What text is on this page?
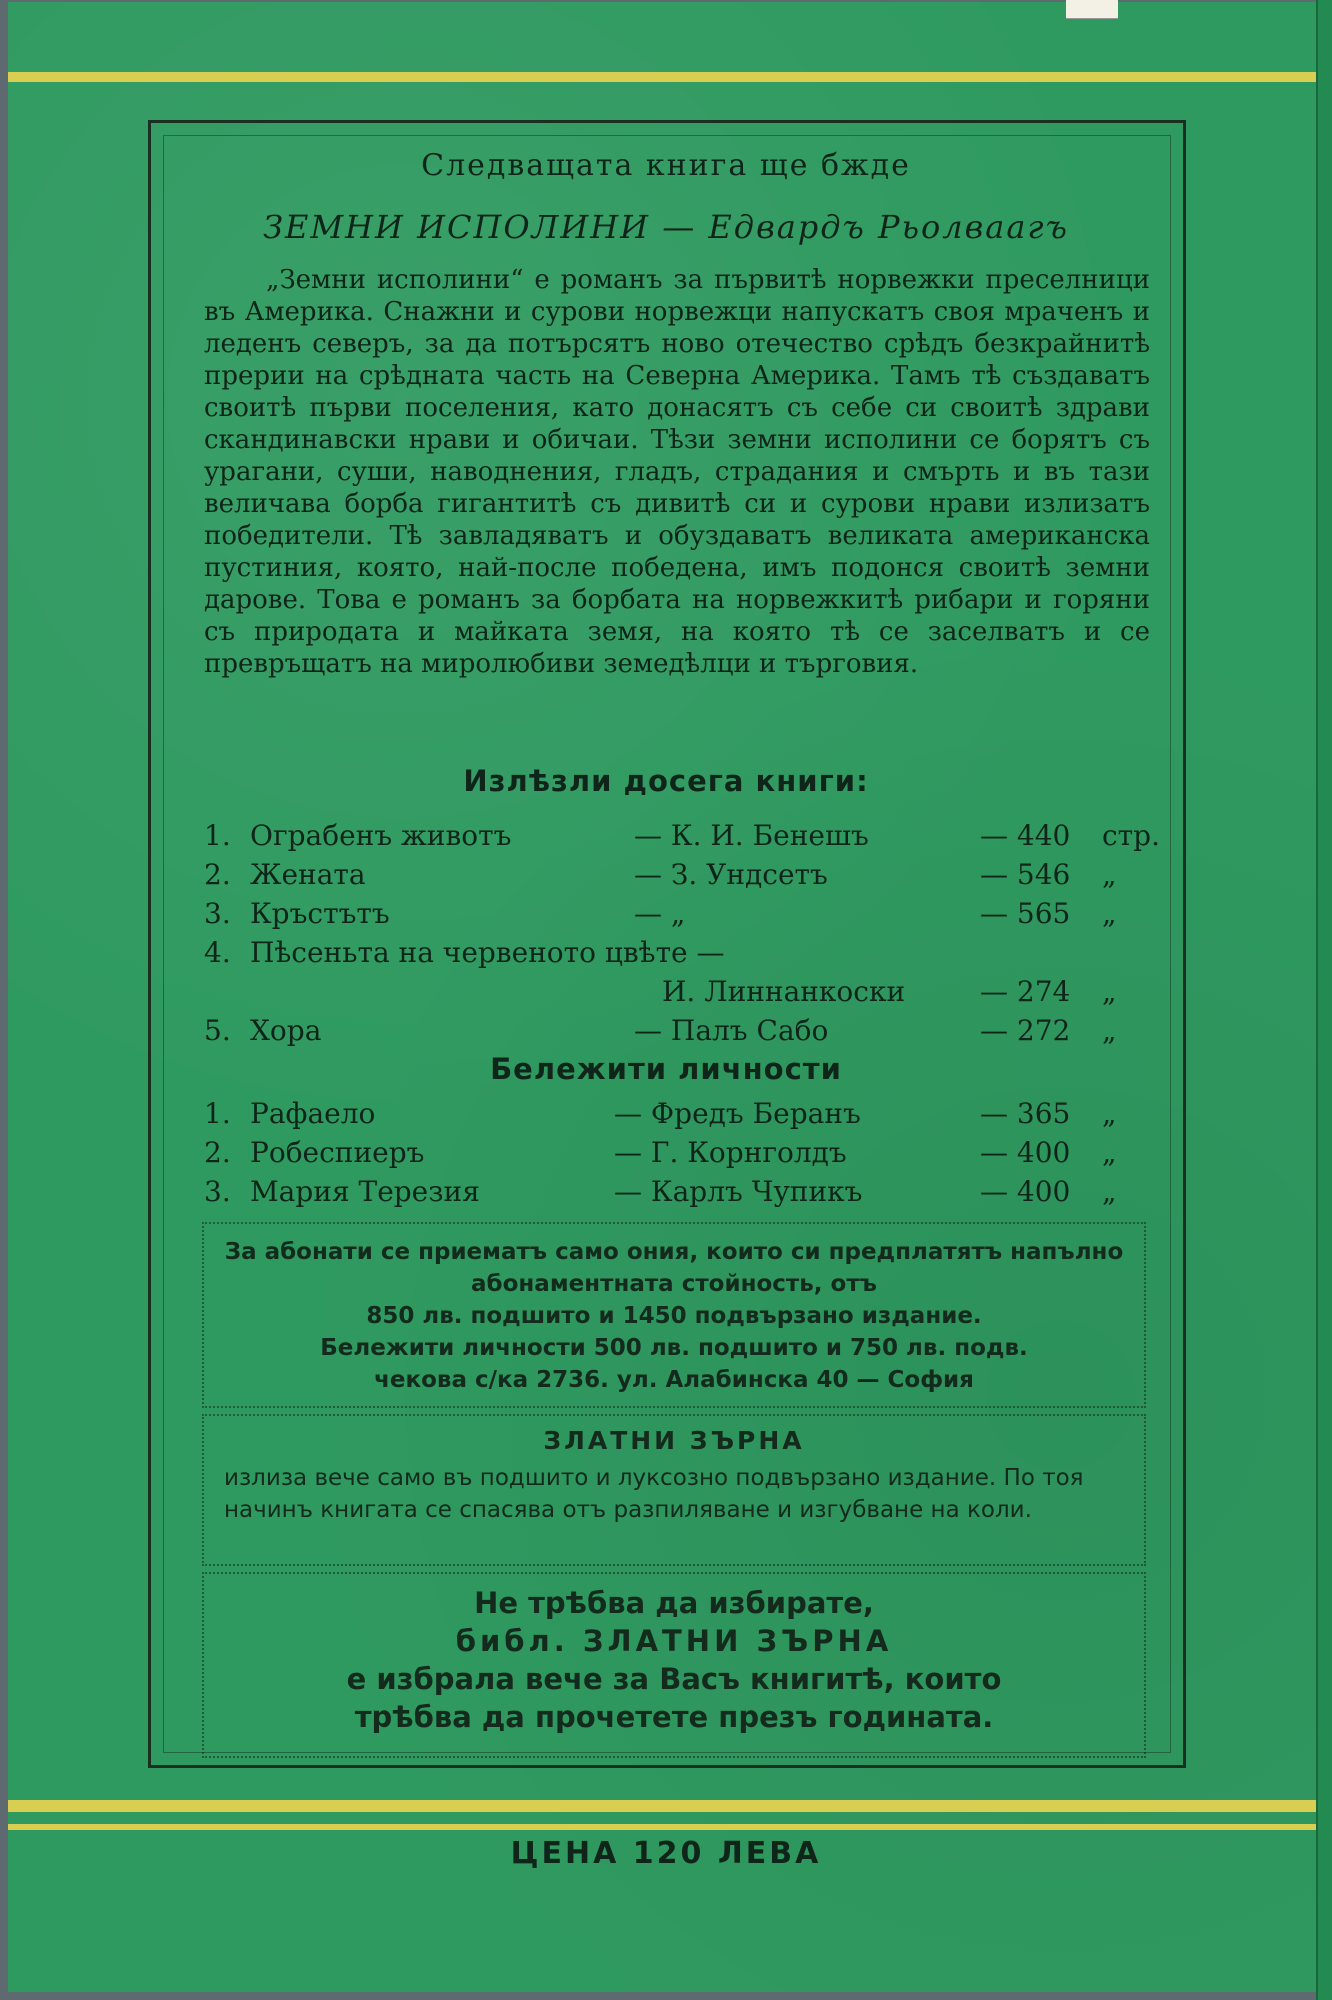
Следващата книга ще бжде
ЗЕМНИ ИСПОЛИНИ — Едвардъ Рьолваагъ

„Земни исполини“ е романъ за първитѣ норвежки преселници въ Америка. Снажни и сурови норвежци напускатъ своя мраченъ и леденъ северъ, за да потърсятъ ново отечество срѣдъ безкрайнитѣ прерии на срѣдната часть на Северна Америка. Тамъ тѣ създаватъ своитѣ първи поселения, като донасятъ съ себе си своитѣ здрави скандинавски нрави и обичаи. Тѣзи земни исполини се борятъ съ урагани, суши, наводнения, гладъ, страдания и смърть и въ тази величава борба гигантитѣ съ дивитѣ си и сурови нрави излизатъ победители. Тѣ завладяватъ и обуздаватъ великата американска пустиния, която, най-после победена, имъ подонся своитѣ земни дарове. Това е романъ за борбата на норвежкитѣ рибари и горяни съ природата и майката земя, на която тѣ се заселватъ и се превръщатъ на миролюбиви земедѣлци и търговия.

Излѣзли досега книги:
1. Ограбенъ животъ	— К. И. Бенешъ	— 440 стр.
2. Жената	— З. Ундсетъ	— 546 „
3. Кръстътъ	— „	— 565 „
4. Пѣсеньта на червеното цвѣте —
И. Линнанкоски	— 274 „
5. Хора	— Палъ Сабо	— 272 „
Бележити личности
1. Рафаело	— Фредъ Беранъ	— 365 „
2. Робеспиеръ	— Г. Корнголдъ	— 400 „
3. Мария Терезия	— Карлъ Чупикъ	— 400 „
За абонати се приематъ само ония, които си предплатятъ напълно абонаментната стойность, отъ
850 лв. подшито и 1450 подвързано издание.
Бележити личности 500 лв. подшито и 750 лв. подв.
чекова с/ка 2736. ул. Алабинска 40 — София
ЗЛАТНИ ЗЪРНА
излиза вече само въ подшито и луксозно подвързано издание. По тоя начинъ книгата се спасява отъ разпиляване и изгубване на коли.
Не трѣбва да избирате,
библ. ЗЛАТНИ ЗЪРНА
е избрала вече за Васъ книгитѣ, които
трѣбва да прочетете презъ годината.
ЦЕНА 120 ЛЕВА
